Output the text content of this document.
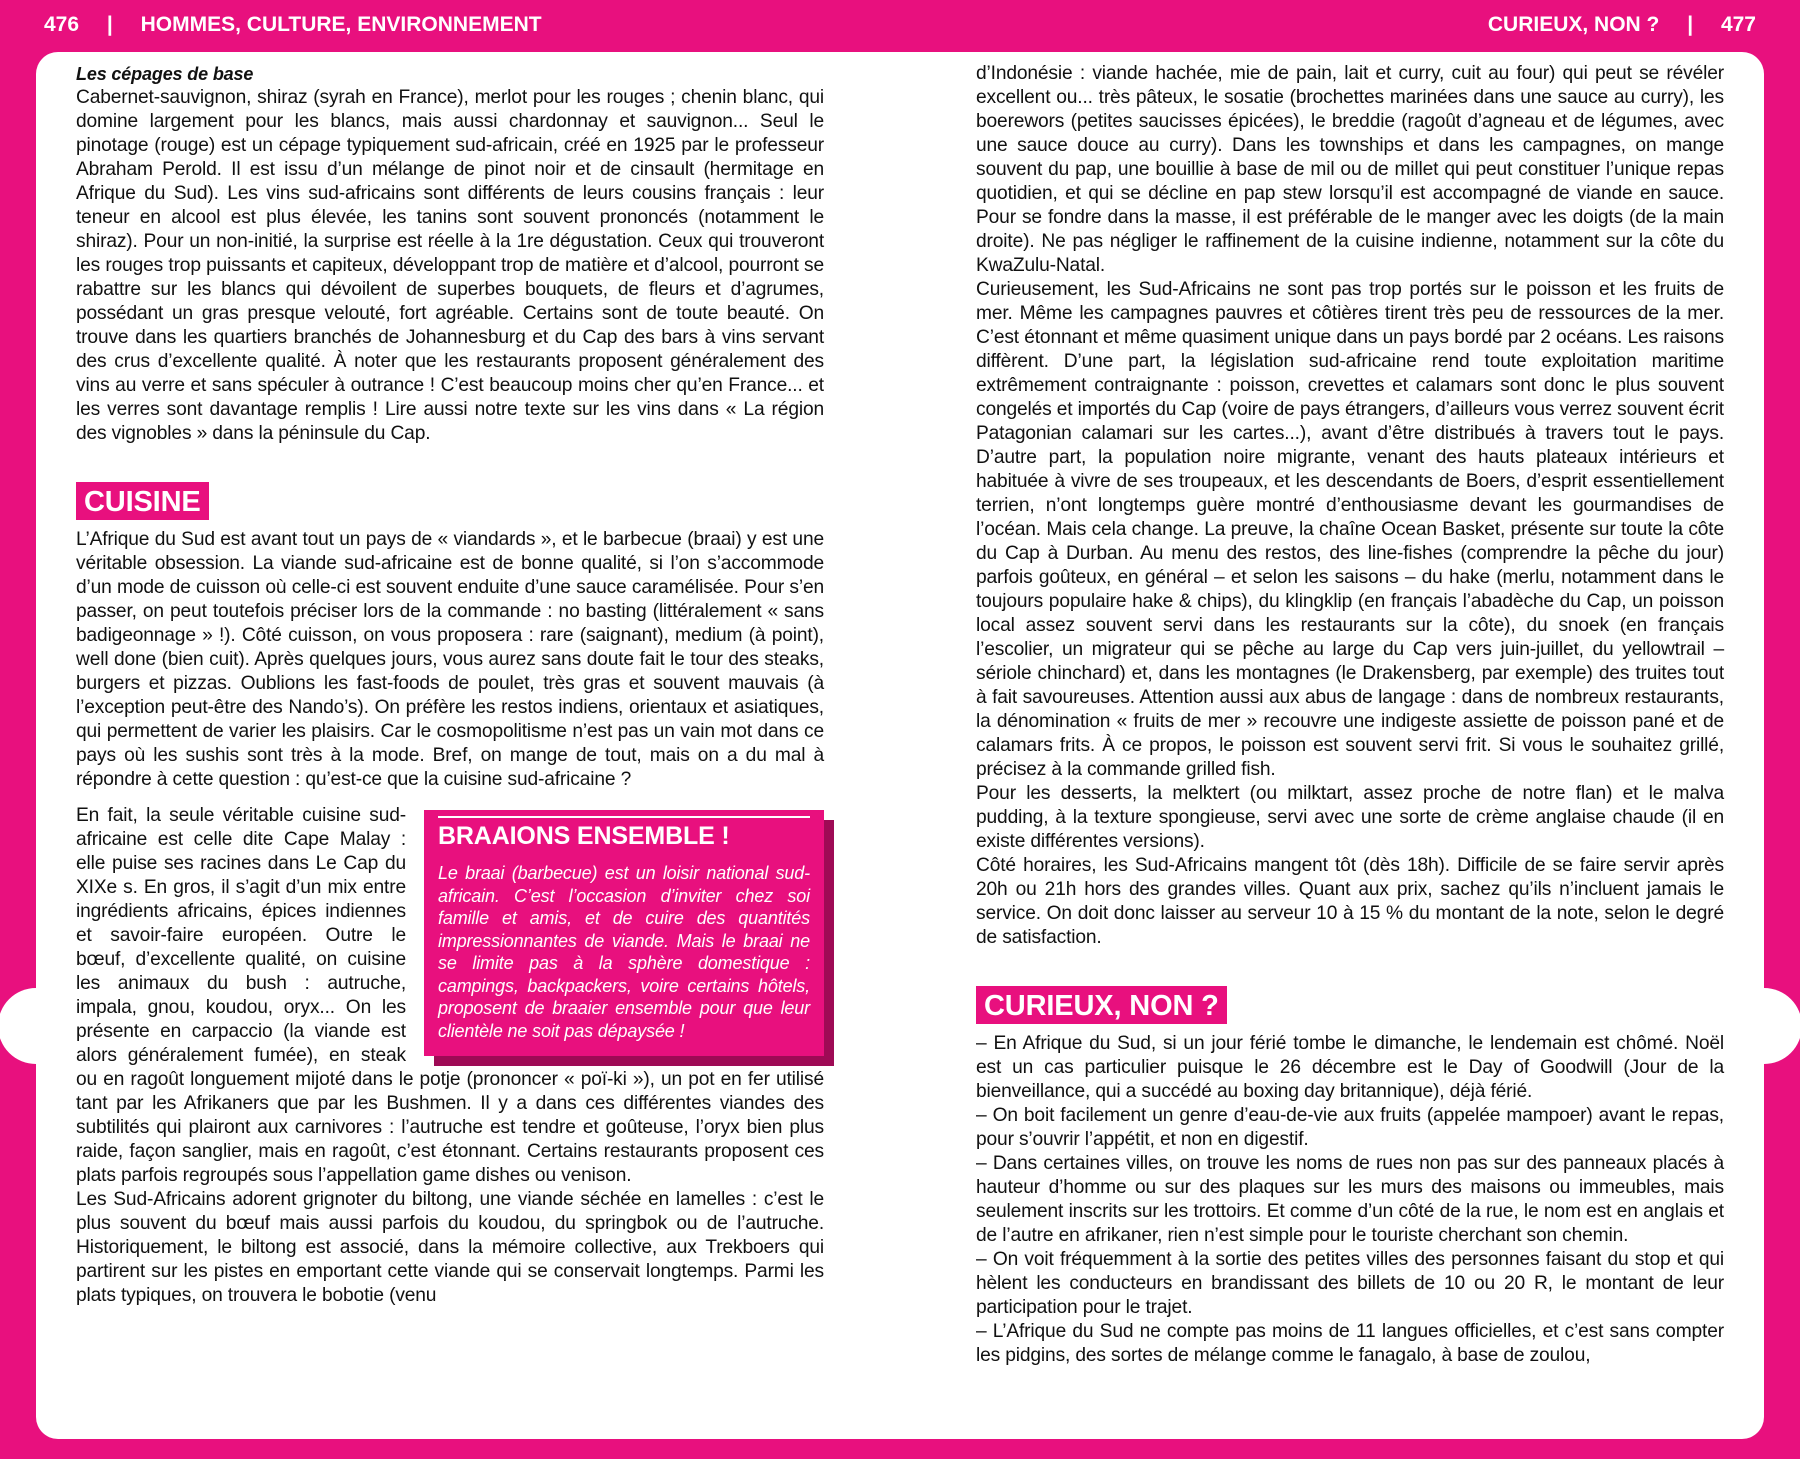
476 | HOMMES, CULTURE, ENVIRONNEMENT	CURIEUX, NON ? | 477

Les cépages de base

Cabernet-sauvignon, shiraz (syrah en France), merlot pour les rouges ; chenin blanc, qui domine largement pour les blancs, mais aussi chardonnay et sauvignon... Seul le pinotage (rouge) est un cépage typiquement sud-africain, créé en 1925 par le professeur Abraham Perold. Il est issu d’un mélange de pinot noir et de cinsault (hermitage en Afrique du Sud). Les vins sud-africains sont différents de leurs cousins français : leur teneur en alcool est plus élevée, les tanins sont souvent prononcés (notamment le shiraz). Pour un non-initié, la surprise est réelle à la 1re dégustation. Ceux qui trouveront les rouges trop puissants et capiteux, développant trop de matière et d’alcool, pourront se rabattre sur les blancs qui dévoilent de superbes bouquets, de fleurs et d’agrumes, possédant un gras presque velouté, fort agréable. Certains sont de toute beauté. On trouve dans les quartiers branchés de Johannesburg et du Cap des bars à vins servant des crus d’excellente qualité. À noter que les restaurants proposent généralement des vins au verre et sans spéculer à outrance ! C’est beaucoup moins cher qu’en France... et les verres sont davantage remplis ! Lire aussi notre texte sur les vins dans « La région des vignobles » dans la péninsule du Cap.

CUISINE

L’Afrique du Sud est avant tout un pays de « viandards », et le barbecue (braai) y est une véritable obsession. La viande sud-africaine est de bonne qualité, si l’on s’accommode d’un mode de cuisson où celle-ci est souvent enduite d’une sauce caramélisée. Pour s’en passer, on peut toutefois préciser lors de la commande : no basting (littéralement « sans badigeonnage » !). Côté cuisson, on vous proposera : rare (saignant), medium (à point), well done (bien cuit). Après quelques jours, vous aurez sans doute fait le tour des steaks, burgers et pizzas. Oublions les fast-foods de poulet, très gras et souvent mauvais (à l’exception peut-être des Nando’s). On préfère les restos indiens, orientaux et asiatiques, qui permettent de varier les plaisirs. Car le cosmopolitisme n’est pas un vain mot dans ce pays où les sushis sont très à la mode. Bref, on mange de tout, mais on a du mal à répondre à cette question : qu’est-ce que la cuisine sud-africaine ?

BRAAIONS ENSEMBLE !
Le braai (barbecue) est un loisir national sud-africain. C’est l’occasion d’inviter chez soi famille et amis, et de cuire des quantités impressionnantes de viande. Mais le braai ne se limite pas à la sphère domestique : campings, backpackers, voire certains hôtels, proposent de braaier ensemble pour que leur clientèle ne soit pas dépaysée !

En fait, la seule véritable cuisine sud-africaine est celle dite Cape Malay : elle puise ses racines dans Le Cap du XIXe s. En gros, il s’agit d’un mix entre ingrédients africains, épices indiennes et savoir-faire européen. Outre le bœuf, d’excellente qualité, on cuisine les animaux du bush : autruche, impala, gnou, koudou, oryx... On les présente en carpaccio (la viande est alors généralement fumée), en steak ou en ragoût longuement mijoté dans le potje (prononcer « poï-ki »), un pot en fer utilisé tant par les Afrikaners que par les Bushmen. Il y a dans ces différentes viandes des subtilités qui plairont aux carnivores : l’autruche est tendre et goûteuse, l’oryx bien plus raide, façon sanglier, mais en ragoût, c’est étonnant. Certains restaurants proposent ces plats parfois regroupés sous l’appellation game dishes ou venison.

Les Sud-Africains adorent grignoter du biltong, une viande séchée en lamelles : c’est le plus souvent du bœuf mais aussi parfois du koudou, du springbok ou de l’autruche. Historiquement, le biltong est associé, dans la mémoire collective, aux Trekboers qui partirent sur les pistes en emportant cette viande qui se conservait longtemps. Parmi les plats typiques, on trouvera le bobotie (venu

d’Indonésie : viande hachée, mie de pain, lait et curry, cuit au four) qui peut se révéler excellent ou... très pâteux, le sosatie (brochettes marinées dans une sauce au curry), les boerewors (petites saucisses épicées), le breddie (ragoût d’agneau et de légumes, avec une sauce douce au curry). Dans les townships et dans les campagnes, on mange souvent du pap, une bouillie à base de mil ou de millet qui peut constituer l’unique repas quotidien, et qui se décline en pap stew lorsqu’il est accompagné de viande en sauce. Pour se fondre dans la masse, il est préférable de le manger avec les doigts (de la main droite). Ne pas négliger le raffinement de la cuisine indienne, notamment sur la côte du KwaZulu-Natal.

Curieusement, les Sud-Africains ne sont pas trop portés sur le poisson et les fruits de mer. Même les campagnes pauvres et côtières tirent très peu de ressources de la mer. C’est étonnant et même quasiment unique dans un pays bordé par 2 océans. Les raisons diffèrent. D’une part, la législation sud-africaine rend toute exploitation maritime extrêmement contraignante : poisson, crevettes et calamars sont donc le plus souvent congelés et importés du Cap (voire de pays étrangers, d’ailleurs vous verrez souvent écrit Patagonian calamari sur les cartes...), avant d’être distribués à travers tout le pays. D’autre part, la population noire migrante, venant des hauts plateaux intérieurs et habituée à vivre de ses troupeaux, et les descendants de Boers, d’esprit essentiellement terrien, n’ont longtemps guère montré d’enthousiasme devant les gourmandises de l’océan. Mais cela change. La preuve, la chaîne Ocean Basket, présente sur toute la côte du Cap à Durban. Au menu des restos, des line-fishes (comprendre la pêche du jour) parfois goûteux, en général – et selon les saisons – du hake (merlu, notamment dans le toujours populaire hake & chips), du klingklip (en français l’abadèche du Cap, un poisson local assez souvent servi dans les restaurants sur la côte), du snoek (en français l’escolier, un migrateur qui se pêche au large du Cap vers juin-juillet, du yellowtrail – sériole chinchard) et, dans les montagnes (le Drakensberg, par exemple) des truites tout à fait savoureuses. Attention aussi aux abus de langage : dans de nombreux restaurants, la dénomination « fruits de mer » recouvre une indigeste assiette de poisson pané et de calamars frits. À ce propos, le poisson est souvent servi frit. Si vous le souhaitez grillé, précisez à la commande grilled fish.

Pour les desserts, la melktert (ou milktart, assez proche de notre flan) et le malva pudding, à la texture spongieuse, servi avec une sorte de crème anglaise chaude (il en existe différentes versions).

Côté horaires, les Sud-Africains mangent tôt (dès 18h). Difficile de se faire servir après 20h ou 21h hors des grandes villes. Quant aux prix, sachez qu’ils n’incluent jamais le service. On doit donc laisser au serveur 10 à 15 % du montant de la note, selon le degré de satisfaction.

CURIEUX, NON ?

– En Afrique du Sud, si un jour férié tombe le dimanche, le lendemain est chômé. Noël est un cas particulier puisque le 26 décembre est le Day of Goodwill (Jour de la bienveillance, qui a succédé au boxing day britannique), déjà férié.

– On boit facilement un genre d’eau-de-vie aux fruits (appelée mampoer) avant le repas, pour s’ouvrir l’appétit, et non en digestif.

– Dans certaines villes, on trouve les noms de rues non pas sur des panneaux placés à hauteur d’homme ou sur des plaques sur les murs des maisons ou immeubles, mais seulement inscrits sur les trottoirs. Et comme d’un côté de la rue, le nom est en anglais et de l’autre en afrikaner, rien n’est simple pour le touriste cherchant son chemin.

– On voit fréquemment à la sortie des petites villes des personnes faisant du stop et qui hèlent les conducteurs en brandissant des billets de 10 ou 20 R, le montant de leur participation pour le trajet.

– L’Afrique du Sud ne compte pas moins de 11 langues officielles, et c’est sans compter les pidgins, des sortes de mélange comme le fanagalo, à base de zoulou,
